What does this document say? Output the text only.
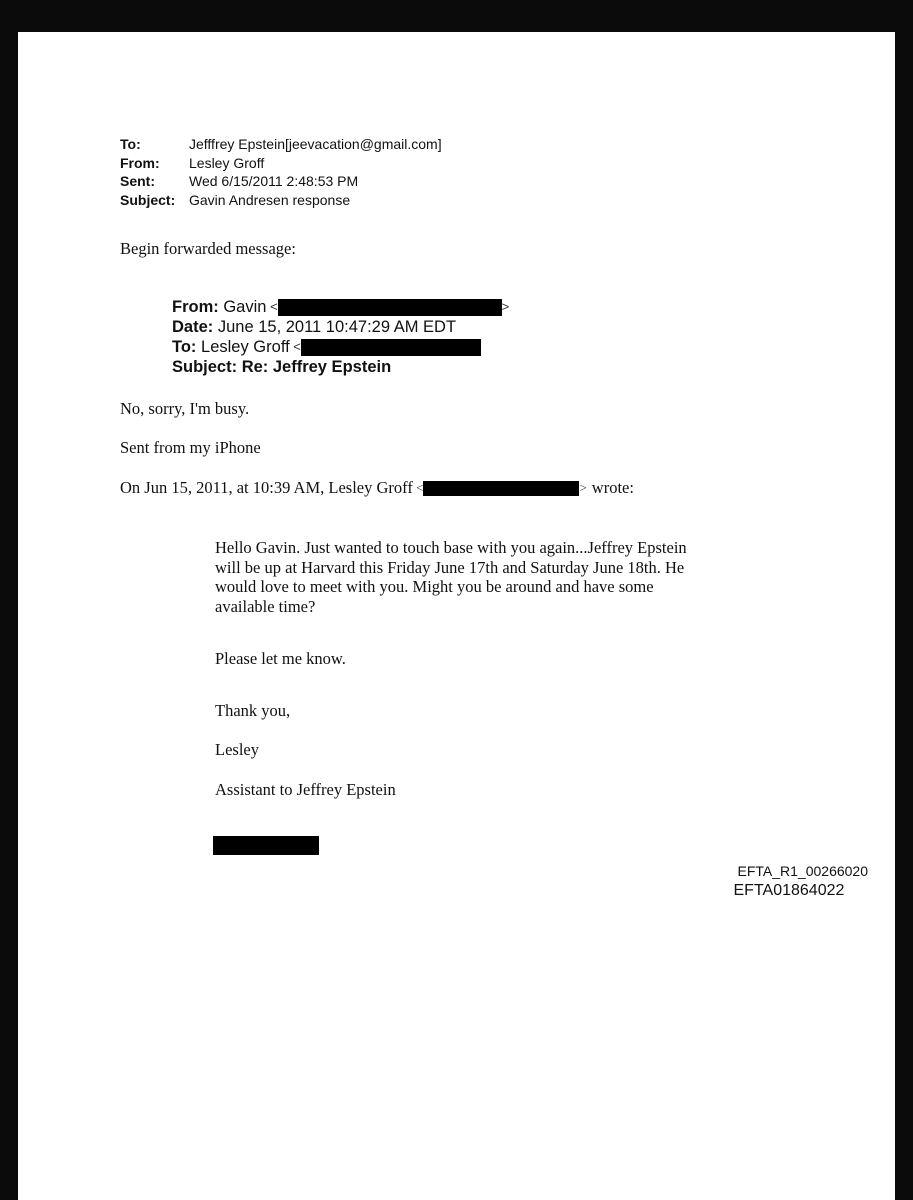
To:	Jefffrey Epstein[jeevacation@gmail.com]
From:	Lesley Groff
Sent:	Wed 6/15/2011 2:48:53 PM
Subject: Gavin Andresen response
Begin forwarded message:
From:
Gavin <	>
Date:
June 15, 2011 10:47:29 AM EDT
To:
Lesley Groff <
Subject:
Re: Jeffrey Epstein
No, sorry, I'm busy.
Sent from my iPhone
On Jun 15, 2011, at 10:39 AM, Lesley Groff <	> wrote:

Hello Gavin. Just wanted to touch base with you again...Jeffrey Epstein will be up at Harvard this Friday June 17th and Saturday June 18th. He would love to meet with you. Might you be around and have some available time?

Please let me know.

Thank you,

Lesley

Assistant to Jeffrey Epstein

EFTA_R1_00266020
EFTA01864022
